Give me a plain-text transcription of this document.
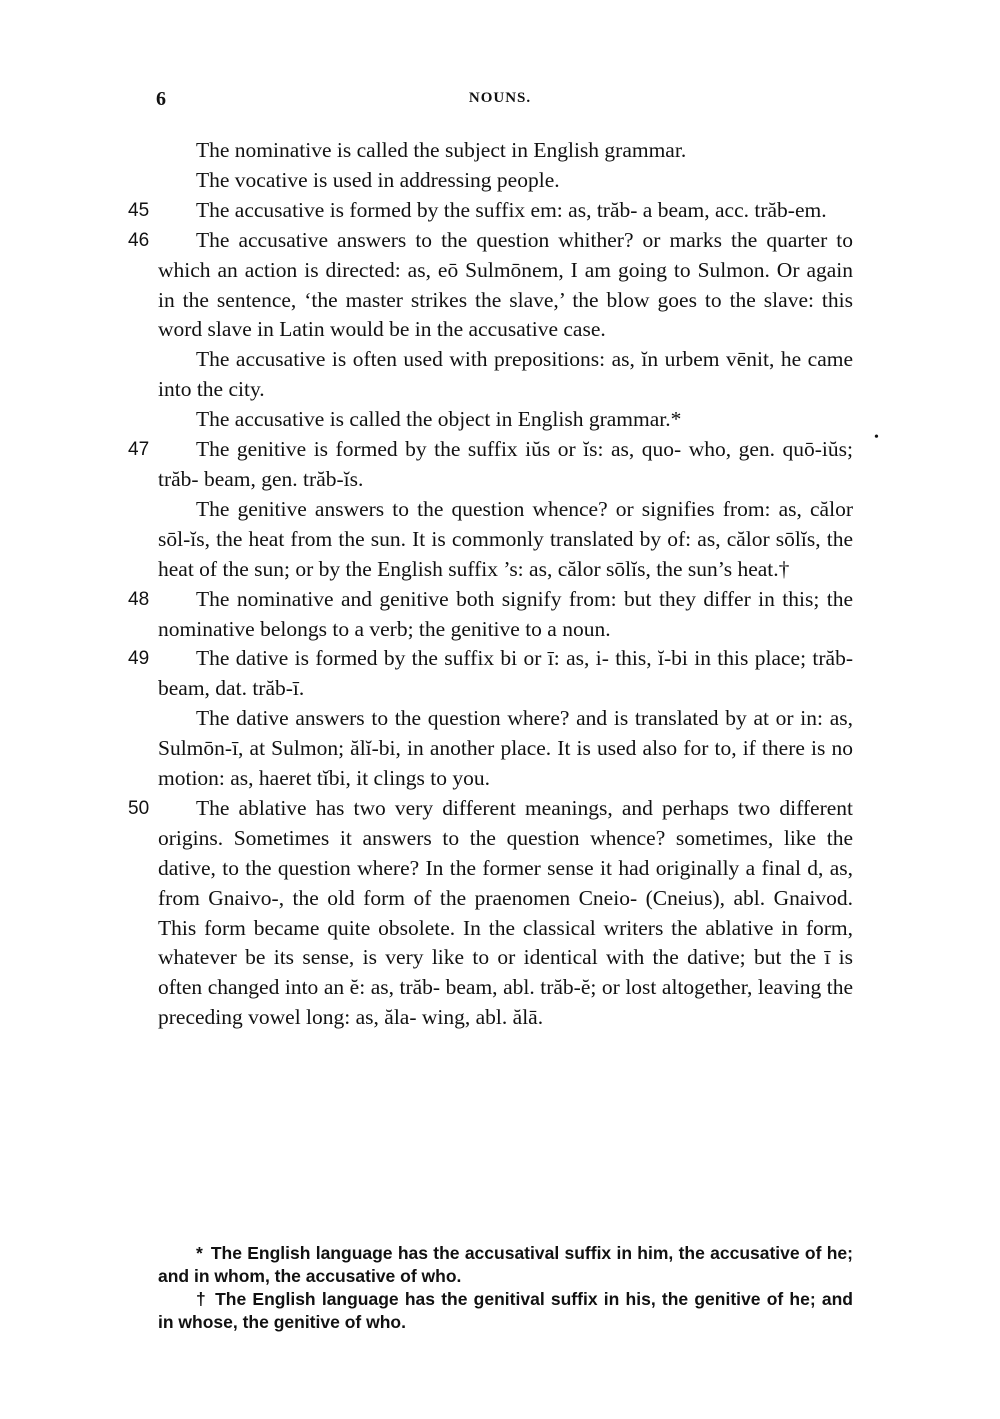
6	NOUNS.

The nominative is called the subject in English grammar.

The vocative is used in addressing people.

45	The accusative is formed by the suffix em: as, trăb- a beam, acc. trăb-em.

46	The accusative answers to the question whither? or marks the quarter to which an action is directed: as, eō Sulmōnem, I am going to Sulmon. Or again in the sentence, ‘the master strikes the slave,’ the blow goes to the slave: this word slave in Latin would be in the accusative case.

The accusative is often used with prepositions: as, ĭn urbem vēnit, he came into the city.

The accusative is called the object in English grammar.*

47	The genitive is formed by the suffix iŭs or ĭs: as, quo- who, gen. quō-iŭs; trăb- beam, gen. trăb-ĭs.

The genitive answers to the question whence? or signifies from: as, călor sōl-ĭs, the heat from the sun. It is commonly translated by of: as, călor sōlĭs, the heat of the sun; or by the English suffix ’s: as, călor sōlĭs, the sun’s heat.†

48	The nominative and genitive both signify from: but they differ in this; the nominative belongs to a verb; the genitive to a noun.

49	The dative is formed by the suffix bi or ī: as, i- this, ĭ-bi in this place; trăb- beam, dat. trăb-ī.

The dative answers to the question where? and is translated by at or in: as, Sulmōn-ī, at Sulmon; ălĭ-bi, in another place. It is used also for to, if there is no motion: as, haeret tĭbi, it clings to you.

50	The ablative has two very different meanings, and perhaps two different origins. Sometimes it answers to the question whence? sometimes, like the dative, to the question where? In the former sense it had originally a final d, as, from Gnaivo-, the old form of the praenomen Cneio- (Cneius), abl. Gnaivod. This form became quite obsolete. In the classical writers the ablative in form, whatever be its sense, is very like to or identical with the dative; but the ī is often changed into an ĕ: as, trăb- beam, abl. trăb-ĕ; or lost altogether, leaving the preceding vowel long: as, ăla- wing, abl. ălā.

•

* The English language has the accusatival suffix in him, the accusative of he; and in whom, the accusative of who.

† The English language has the genitival suffix in his, the genitive of he; and in whose, the genitive of who.
